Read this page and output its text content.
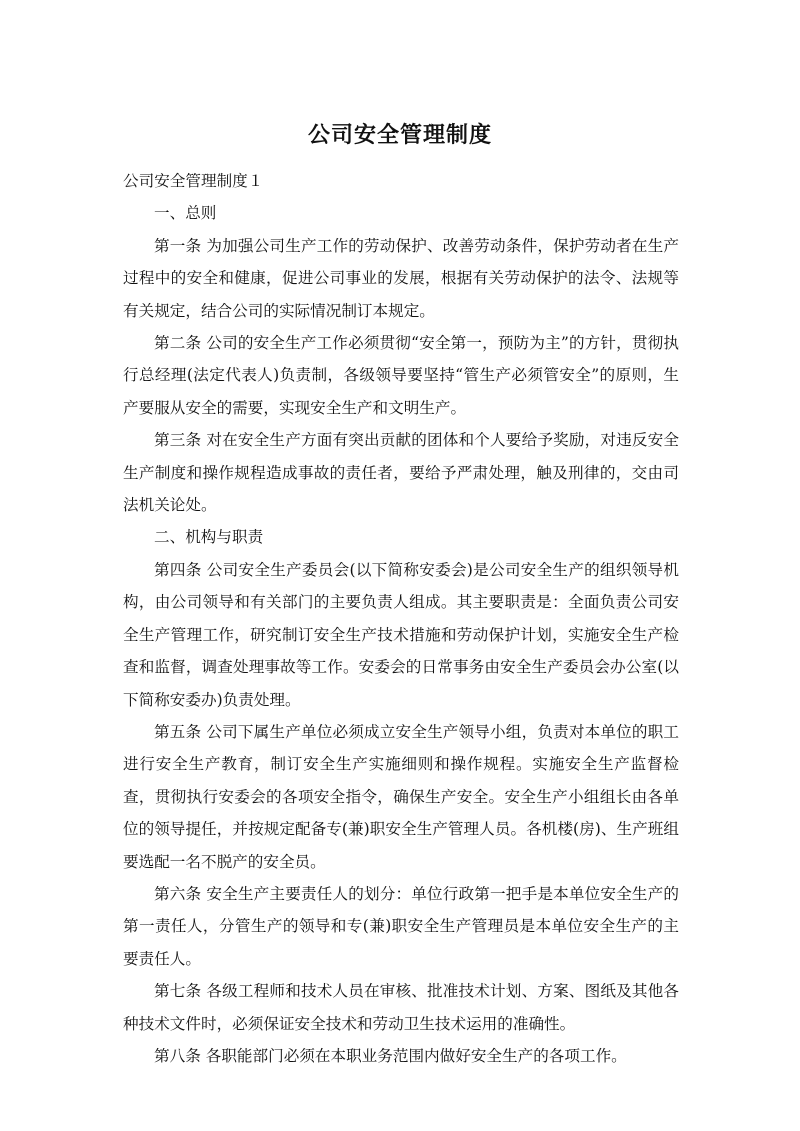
公司安全管理制度

公司安全管理制度１

一、总则

第一条 为加强公司生产工作的劳动保护、改善劳动条件，保护劳动者在生产过程中的安全和健康，促进公司事业的发展，根据有关劳动保护的法令、法规等有关规定，结合公司的实际情况制订本规定。

第二条 公司的安全生产工作必须贯彻“安全第一，预防为主”的方针，贯彻执行总经理(法定代表人)负责制，各级领导要坚持“管生产必须管安全”的原则，生产要服从安全的需要，实现安全生产和文明生产。

第三条 对在安全生产方面有突出贡献的团体和个人要给予奖励，对违反安全生产制度和操作规程造成事故的责任者，要给予严肃处理，触及刑律的，交由司法机关论处。

二、机构与职责

第四条 公司安全生产委员会(以下简称安委会)是公司安全生产的组织领导机构，由公司领导和有关部门的主要负责人组成。其主要职责是：全面负责公司安全生产管理工作，研究制订安全生产技术措施和劳动保护计划，实施安全生产检查和监督，调查处理事故等工作。安委会的日常事务由安全生产委员会办公室(以下简称安委办)负责处理。

第五条 公司下属生产单位必须成立安全生产领导小组，负责对本单位的职工进行安全生产教育，制订安全生产实施细则和操作规程。实施安全生产监督检查，贯彻执行安委会的各项安全指令，确保生产安全。安全生产小组组长由各单位的领导提任，并按规定配备专(兼)职安全生产管理人员。各机楼(房)、生产班组要选配一名不脱产的安全员。

第六条 安全生产主要责任人的划分：单位行政第一把手是本单位安全生产的第一责任人，分管生产的领导和专(兼)职安全生产管理员是本单位安全生产的主要责任人。

第七条 各级工程师和技术人员在审核、批准技术计划、方案、图纸及其他各种技术文件时，必须保证安全技术和劳动卫生技术运用的准确性。

第八条 各职能部门必须在本职业务范围内做好安全生产的各项工作。
